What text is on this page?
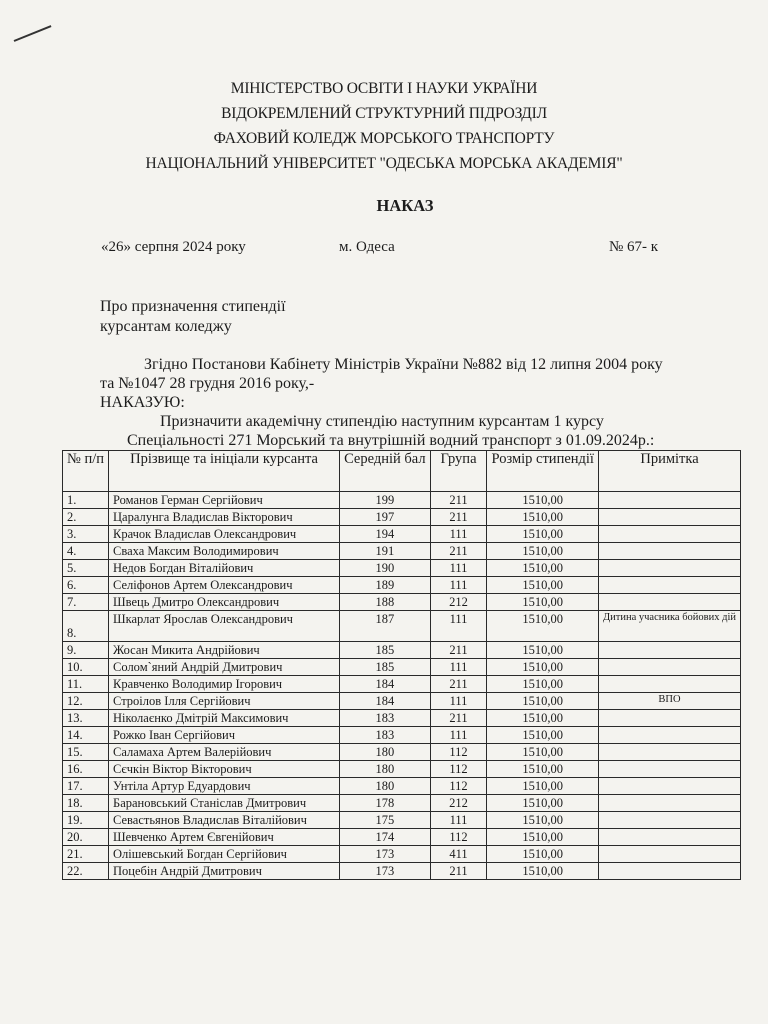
МІНІСТЕРСТВО ОСВІТИ І НАУКИ УКРАЇНИ
ВІДОКРЕМЛЕНИЙ СТРУКТУРНИЙ ПІДРОЗДІЛ
ФАХОВИЙ КОЛЕДЖ МОРСЬКОГО ТРАНСПОРТУ
НАЦІОНАЛЬНИЙ УНІВЕРСИТЕТ "ОДЕСЬКА МОРСЬКА АКАДЕМІЯ"
НАКАЗ
«26» серпня 2024 року	м. Одеса	№ 67- к
Про призначення стипендії
курсантам коледжу
Згідно Постанови Кабінету Міністрів України №882 від 12 липня 2004 року
та №1047 28 грудня 2016 року,-
НАКАЗУЮ:
Призначити академічну стипендію наступним курсантам 1 курсу
Спеціальності 271 Морський та внутрішній водний транспорт з 01.09.2024р.:
№ п/п	Прізвище та ініціали курсанта	Середній бал	Група	Розмір стипендії	Примітка
1.	Романов Герман Сергійович	199	211	1510,00	
2.	Царалунга Владислав Вікторович	197	211	1510,00	
3.	Крачок Владислав Олександрович	194	111	1510,00	
4.	Сваха Максим Володимирович	191	211	1510,00	
5.	Недов Богдан Віталійович	190	111	1510,00	
6.	Селіфонов Артем Олександрович	189	111	1510,00	
7.	Швець Дмитро Олександрович	188	212	1510,00	
8.	Шкарлат Ярослав Олександрович	187	111	1510,00	Дитина учасника бойових дій
9.	Жосан Микита Андрійович	185	211	1510,00	
10.	Солом`яний Андрій Дмитрович	185	111	1510,00	
11.	Кравченко Володимир Ігорович	184	211	1510,00	
12.	Строілов Ілля Сергійович	184	111	1510,00	ВПО
13.	Ніколаєнко Дмітрій Максимович	183	211	1510,00	
14.	Рожко Іван Сергійович	183	111	1510,00	
15.	Саламаха Артем Валерійович	180	112	1510,00	
16.	Сєчкін Віктор Вікторович	180	112	1510,00	
17.	Унтіла Артур Едуардович	180	112	1510,00	
18.	Барановський Станіслав Дмитрович	178	212	1510,00	
19.	Севастьянов Владислав Віталійович	175	111	1510,00	
20.	Шевченко Артем Євгенійович	174	112	1510,00	
21.	Олішевський Богдан Сергійович	173	411	1510,00	
22.	Поцебін Андрій Дмитрович	173	211	1510,00	
